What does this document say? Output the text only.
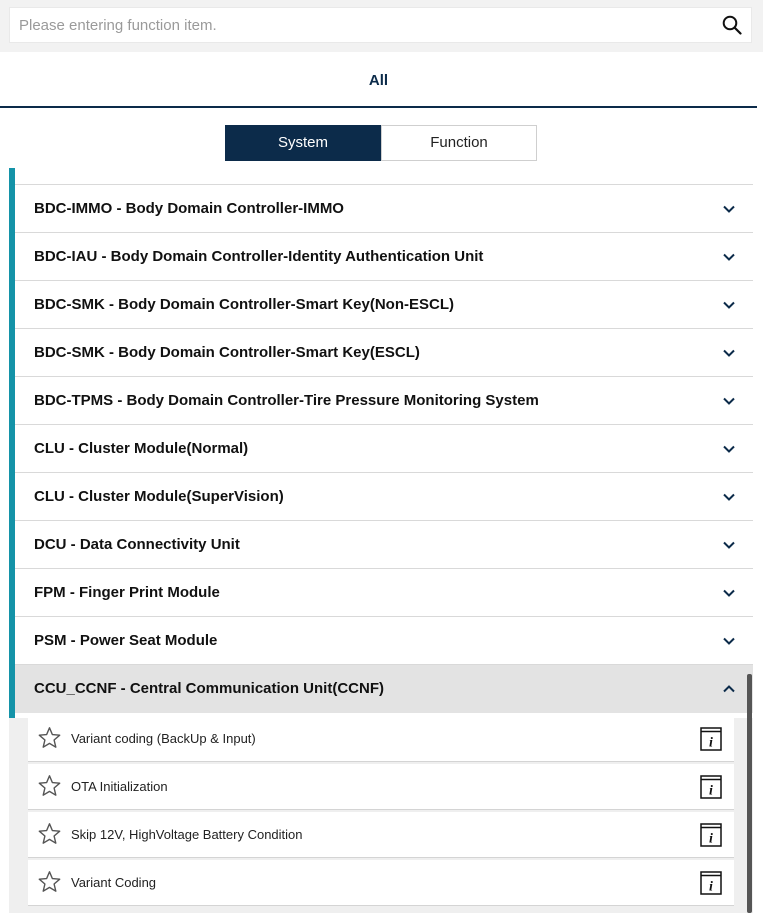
Please entering function item.
All
System	Function
BDC-IMMO - Body Domain Controller-IMMO
BDC-IAU - Body Domain Controller-Identity Authentication Unit
BDC-SMK - Body Domain Controller-Smart Key(Non-ESCL)
BDC-SMK - Body Domain Controller-Smart Key(ESCL)
BDC-TPMS - Body Domain Controller-Tire Pressure Monitoring System
CLU - Cluster Module(Normal)
CLU - Cluster Module(SuperVision)
DCU - Data Connectivity Unit
FPM - Finger Print Module
PSM - Power Seat Module
CCU_CCNF - Central Communication Unit(CCNF)
Variant coding (BackUp & Input)	i
OTA Initialization	i
Skip 12V, HighVoltage Battery Condition	i
Variant Coding	i
